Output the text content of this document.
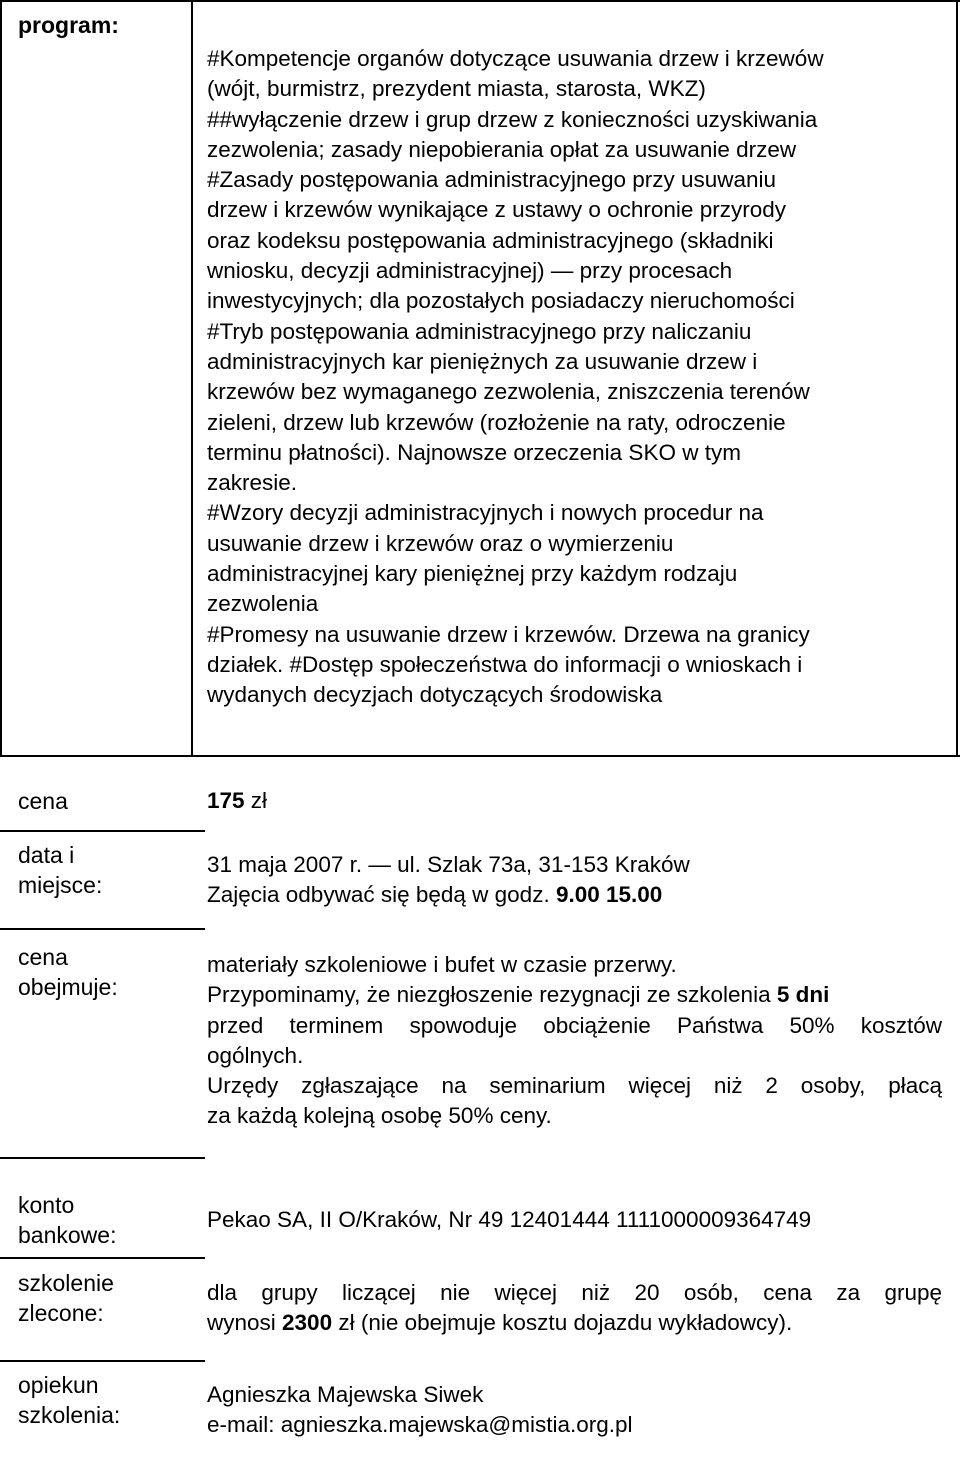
program:
#Kompetencje organów dotyczące usuwania drzew i krzewów
(wójt, burmistrz, prezydent miasta, starosta, WKZ)
##wyłączenie drzew i grup drzew z konieczności uzyskiwania
zezwolenia; zasady niepobierania opłat za usuwanie drzew
#Zasady postępowania administracyjnego przy usuwaniu
drzew i krzewów wynikające z ustawy o ochronie przyrody
oraz kodeksu postępowania administracyjnego (składniki
wniosku, decyzji administracyjnej) — przy procesach
inwestycyjnych; dla pozostałych posiadaczy nieruchomości
#Tryb postępowania administracyjnego przy naliczaniu
administracyjnych kar pieniężnych za usuwanie drzew i
krzewów bez wymaganego zezwolenia, zniszczenia terenów
zieleni, drzew lub krzewów (rozłożenie na raty, odroczenie
terminu płatności). Najnowsze orzeczenia SKO w tym
zakresie.
#Wzory decyzji administracyjnych i nowych procedur na
usuwanie drzew i krzewów oraz o wymierzeniu
administracyjnej kary pieniężnej przy każdym rodzaju
zezwolenia
#Promesy na usuwanie drzew i krzewów. Drzewa na granicy
działek. #Dostęp społeczeństwa do informacji o wnioskach i
wydanych decyzjach dotyczących środowiska
cena	175 zł
data i
miejsce:
31 maja 2007 r. — ul. Szlak 73a, 31-153 Kraków
Zajęcia odbywać się będą w godz. 9.00 15.00
cena
obejmuje:
materiały szkoleniowe i bufet w czasie przerwy.
Przypominamy, że niezgłoszenie rezygnacji ze szkolenia 5 dni
przed terminem spowoduje obciążenie Państwa 50% kosztów
ogólnych.
Urzędy zgłaszające na seminarium więcej niż 2 osoby, płacą
za każdą kolejną osobę 50% ceny.
konto
bankowe:
Pekao SA, II O/Kraków, Nr 49 12401444 1111000009364749
szkolenie
zlecone:
dla grupy liczącej nie więcej niż 20 osób, cena za grupę
wynosi 2300 zł (nie obejmuje kosztu dojazdu wykładowcy).
opiekun
szkolenia:
Agnieszka Majewska Siwek
e-mail: agnieszka.majewska@mistia.org.pl
